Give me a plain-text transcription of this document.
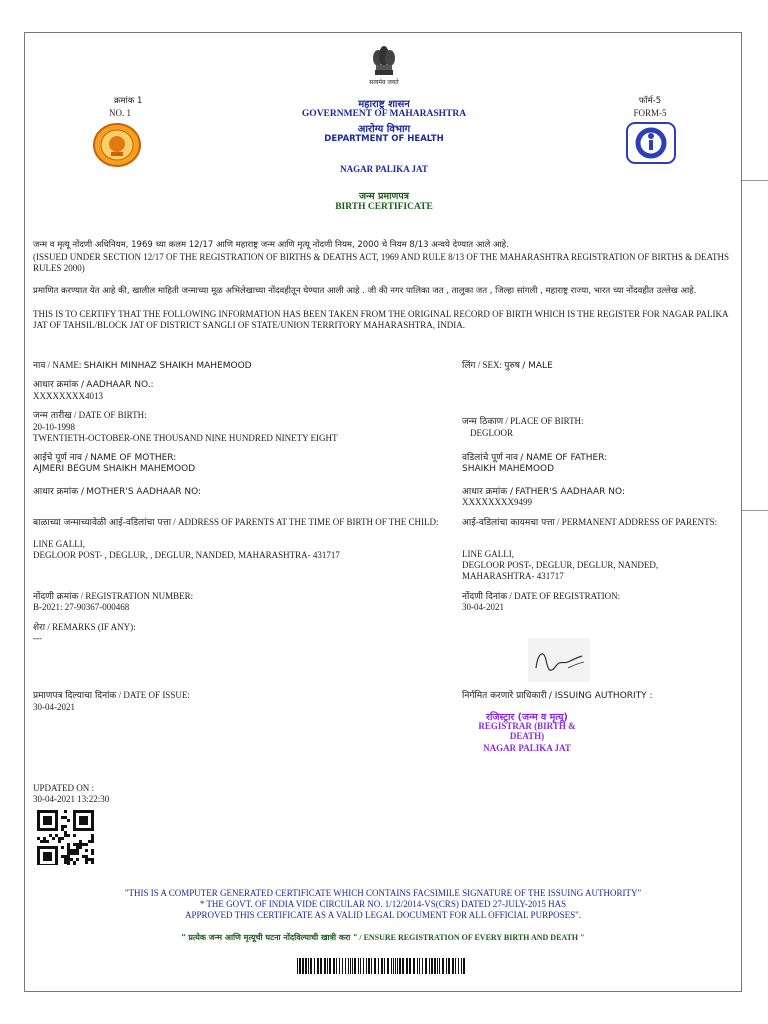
सत्यमेव जयते
क्रमांक 1
NO. 1
महाराष्ट्र शासन
GOVERNMENT OF MAHARASHTRA
आरोग्य विभाग
DEPARTMENT OF HEALTH
NAGAR PALIKA JAT
जन्म प्रमाणपत्र
BIRTH CERTIFICATE
फॉर्म-5
FORM-5
जन्म व मृत्यू नोंदणी अधिनियम, 1969 च्या कलम 12/17 आणि महाराष्ट्र जन्म आणि मृत्यू नोंदणी नियम, 2000 चे नियम 8/13 अन्वये देण्यात आले आहे.
(ISSUED UNDER SECTION 12/17 OF THE REGISTRATION OF BIRTHS & DEATHS ACT, 1969 AND RULE 8/13 OF THE MAHARASHTRA REGISTRATION OF BIRTHS & DEATHS RULES 2000)
प्रमाणित करण्यात येत आहे की, खालील माहिती जन्माच्या मूळ अभिलेखाच्या नोंदवहीतून घेण्यात आली आहे . जी की नगर पालिका जत , तालुका जत , जिल्हा सांगली , महाराष्ट्र राज्या, भारत च्या नोंदवहीत उल्लेख आहे.
THIS IS TO CERTIFY THAT THE FOLLOWING INFORMATION HAS BEEN TAKEN FROM THE ORIGINAL RECORD OF BIRTH WHICH IS THE REGISTER FOR NAGAR PALIKA JAT OF TAHSIL/BLOCK JAT OF DISTRICT SANGLI OF STATE/UNION TERRITORY MAHARASHTRA, INDIA.
नाव / NAME: SHAIKH MINHAZ SHAIKH MAHEMOOD	लिंग / SEX: पुरुष / MALE
आधार क्रमांक / AADHAAR NO.:
XXXXXXXX4013
जन्म तारीख / DATE OF BIRTH:
20-10-1998
TWENTIETH-OCTOBER-ONE THOUSAND NINE HUNDRED NINETY EIGHT
जन्म ठिकाण / PLACE OF BIRTH:
DEGLOOR
आईचे पूर्ण नाव / NAME OF MOTHER:
AJMERI BEGUM SHAIKH MAHEMOOD
वडिलांचे पूर्ण नाव / NAME OF FATHER:
SHAIKH MAHEMOOD
आधार क्रमांक / MOTHER'S AADHAAR NO:	आधार क्रमांक / FATHER'S AADHAAR NO:
XXXXXXXX9499
बाळाच्या जन्माच्यावेळी आई-वडिलांचा पत्ता / ADDRESS OF PARENTS AT THE TIME OF BIRTH OF THE CHILD:
LINE GALLI,
DEGLOOR POST- , DEGLUR, , DEGLUR, NANDED, MAHARASHTRA- 431717
आई-वडिलांचा कायमचा पत्ता / PERMANENT ADDRESS OF PARENTS:
LINE GALLI,
DEGLOOR POST-, DEGLUR, DEGLUR, NANDED,
MAHARASHTRA- 431717
नोंदणी क्रमांक / REGISTRATION NUMBER:
B-2021: 27-90367-000468
नोंदणी दिनांक / DATE OF REGISTRATION:
30-04-2021
शेरा / REMARKS (IF ANY):
---
प्रमाणपत्र दिल्याचा दिनांक / DATE OF ISSUE:
30-04-2021
निर्गमित करणारे प्राधिकारी / ISSUING AUTHORITY :
रजिस्ट्रार (जन्म व मृत्यू)
REGISTRAR (BIRTH & DEATH)
NAGAR PALIKA JAT
UPDATED ON :
30-04-2021 13:22:30
"THIS IS A COMPUTER GENERATED CERTIFICATE WHICH CONTAINS FACSIMILE SIGNATURE OF THE ISSUING AUTHORITY"
* THE GOVT. OF INDIA VIDE CIRCULAR NO. 1/12/2014-VS(CRS) DATED 27-JULY-2015 HAS
APPROVED THIS CERTIFICATE AS A VALID LEGAL DOCUMENT FOR ALL OFFICIAL PURPOSES".
" प्रत्येक जन्म आणि मृत्यूची घटना नोंदविल्याची खात्री करा " / ENSURE REGISTRATION OF EVERY BIRTH AND DEATH "
